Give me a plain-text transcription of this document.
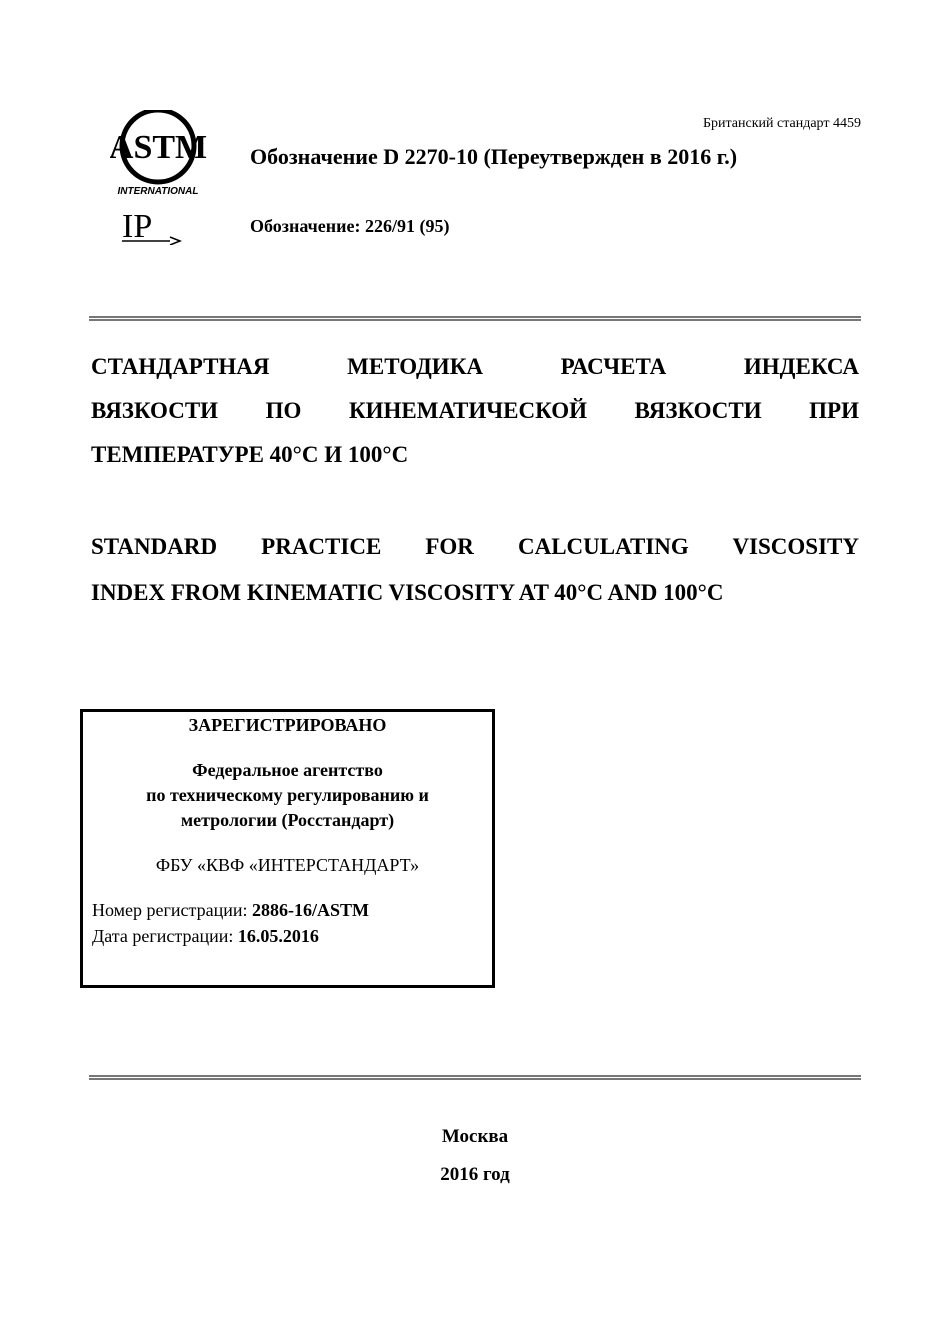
Британский стандарт 4459
ASTM
INTERNATIONAL
IP
Обозначение D 2270-10 (Переутвержден в 2016 г.)
Обозначение: 226/91 (95)
СТАНДАРТНАЯ МЕТОДИКА РАСЧЕТА ИНДЕКСА
ВЯЗКОСТИ ПО КИНЕМАТИЧЕСКОЙ ВЯЗКОСТИ ПРИ
ТЕМПЕРАТУРЕ 40°С И 100°С
STANDARD PRACTICE FOR CALCULATING VISCOSITY
INDEX FROM KINEMATIC VISCOSITY AT 40°C AND 100°C
ЗАРЕГИСТРИРОВАНО
Федеральное агентство
по техническому регулированию и
метрологии (Росстандарт)
ФБУ «КВФ «ИНТЕРСТАНДАРТ»
Номер регистрации: 2886-16/ASTM
Дата регистрации: 16.05.2016
Москва
2016 год
